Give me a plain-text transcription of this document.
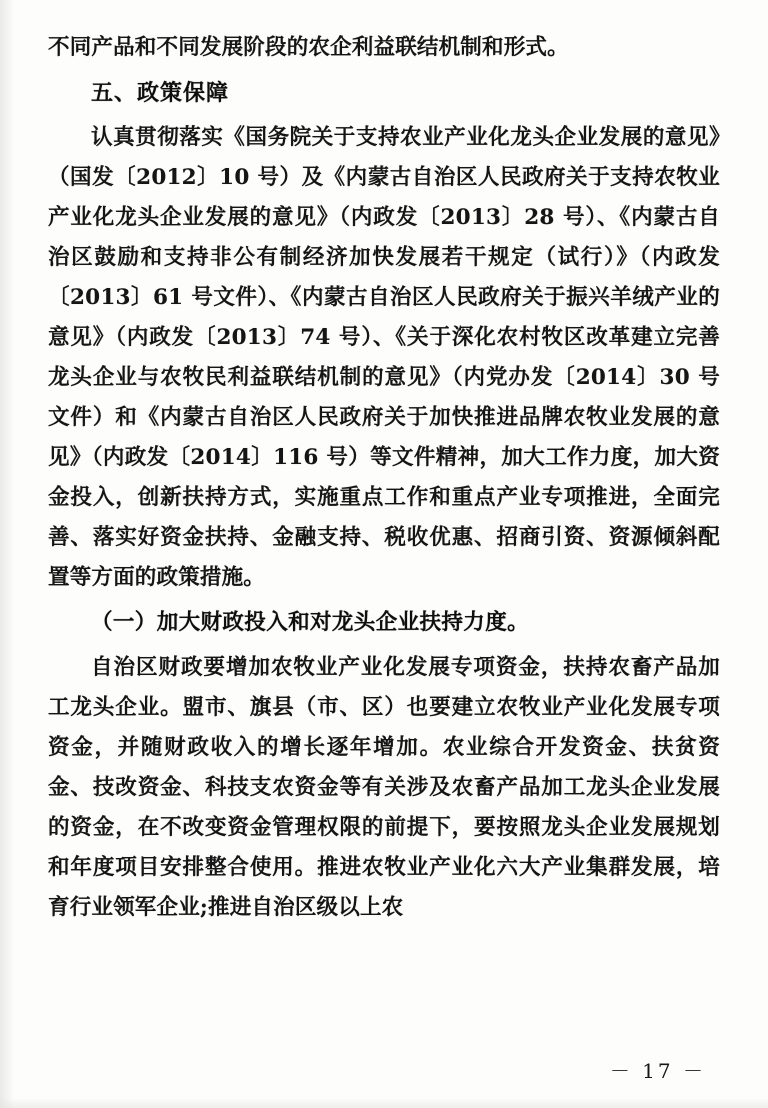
不同产品和不同发展阶段的农企利益联结机制和形式。

五、政策保障

认真贯彻落实《国务院关于支持农业产业化龙头企业发展的意见》（国发〔2012〕10 号）及《内蒙古自治区人民政府关于支持农牧业产业化龙头企业发展的意见》（内政发〔2013〕28 号）、《内蒙古自治区鼓励和支持非公有制经济加快发展若干规定（试行）》（内政发〔2013〕61 号文件）、《内蒙古自治区人民政府关于振兴羊绒产业的意见》（内政发〔2013〕74 号）、《关于深化农村牧区改革建立完善龙头企业与农牧民利益联结机制的意见》（内党办发〔2014〕30 号文件）和《内蒙古自治区人民政府关于加快推进品牌农牧业发展的意见》（内政发〔2014〕116 号）等文件精神，加大工作力度，加大资金投入，创新扶持方式，实施重点工作和重点产业专项推进，全面完善、落实好资金扶持、金融支持、税收优惠、招商引资、资源倾斜配置等方面的政策措施。

（一）加大财政投入和对龙头企业扶持力度。

自治区财政要增加农牧业产业化发展专项资金，扶持农畜产品加工龙头企业。盟市、旗县（市、区）也要建立农牧业产业化发展专项资金，并随财政收入的增长逐年增加。农业综合开发资金、扶贫资金、技改资金、科技支农资金等有关涉及农畜产品加工龙头企业发展的资金，在不改变资金管理权限的前提下，要按照龙头企业发展规划和年度项目安排整合使用。推进农牧业产业化六大产业集群发展，培育行业领军企业;推进自治区级以上农

－ 17 －
